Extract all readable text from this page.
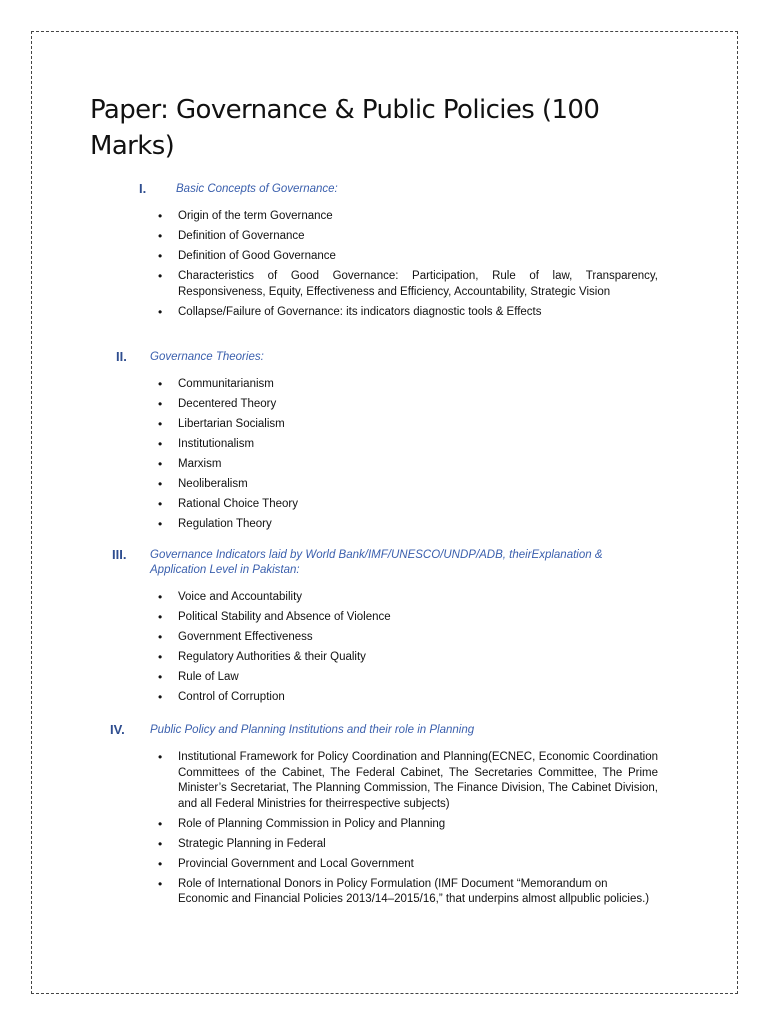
Paper: Governance & Public Policies (100 Marks)
I.	Basic Concepts of Governance:
• Origin of the term Governance
• Definition of Governance
• Definition of Good Governance
• Characteristics of Good Governance: Participation, Rule of law, Transparency, Responsiveness, Equity, Effectiveness and Efficiency, Accountability, Strategic Vision
• Collapse/Failure of Governance: its indicators diagnostic tools & Effects
II. Governance Theories:
• Communitarianism
• Decentered Theory
• Libertarian Socialism
• Institutionalism
• Marxism
• Neoliberalism
• Rational Choice Theory
• Regulation Theory
III. Governance Indicators laid by World Bank/IMF/UNESCO/UNDP/ADB, theirExplanation & Application Level in Pakistan:
• Voice and Accountability
• Political Stability and Absence of Violence
• Government Effectiveness
• Regulatory Authorities & their Quality
• Rule of Law
• Control of Corruption
IV. Public Policy and Planning Institutions and their role in Planning
• Institutional Framework for Policy Coordination and Planning(ECNEC, Economic Coordination Committees of the Cabinet, The Federal Cabinet, The Secretaries Committee, The Prime Minister’s Secretariat, The Planning Commission, The Finance Division, The Cabinet Division, and all Federal Ministries for theirrespective subjects)
• Role of Planning Commission in Policy and Planning
• Strategic Planning in Federal
• Provincial Government and Local Government
• Role of International Donors in Policy Formulation (IMF Document “Memorandum on Economic and Financial Policies 2013/14–2015/16,” that underpins almost allpublic policies.)
